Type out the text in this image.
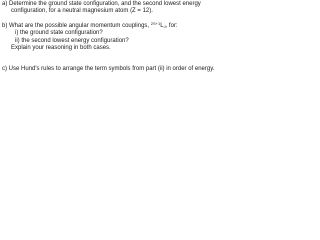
a) Determine the ground state configuration, and the second lowest energy
configuration, for a neutral magnesium atom (Z = 12).
b) What are the possible angular momentum couplings, $^{2S+1}L_J$, for:
i) the ground state configuration?
ii) the second lowest energy configuration?
Explain your reasoning in both cases.
c) Use Hund's rules to arrange the term symbols from part (ii) in order of energy.
